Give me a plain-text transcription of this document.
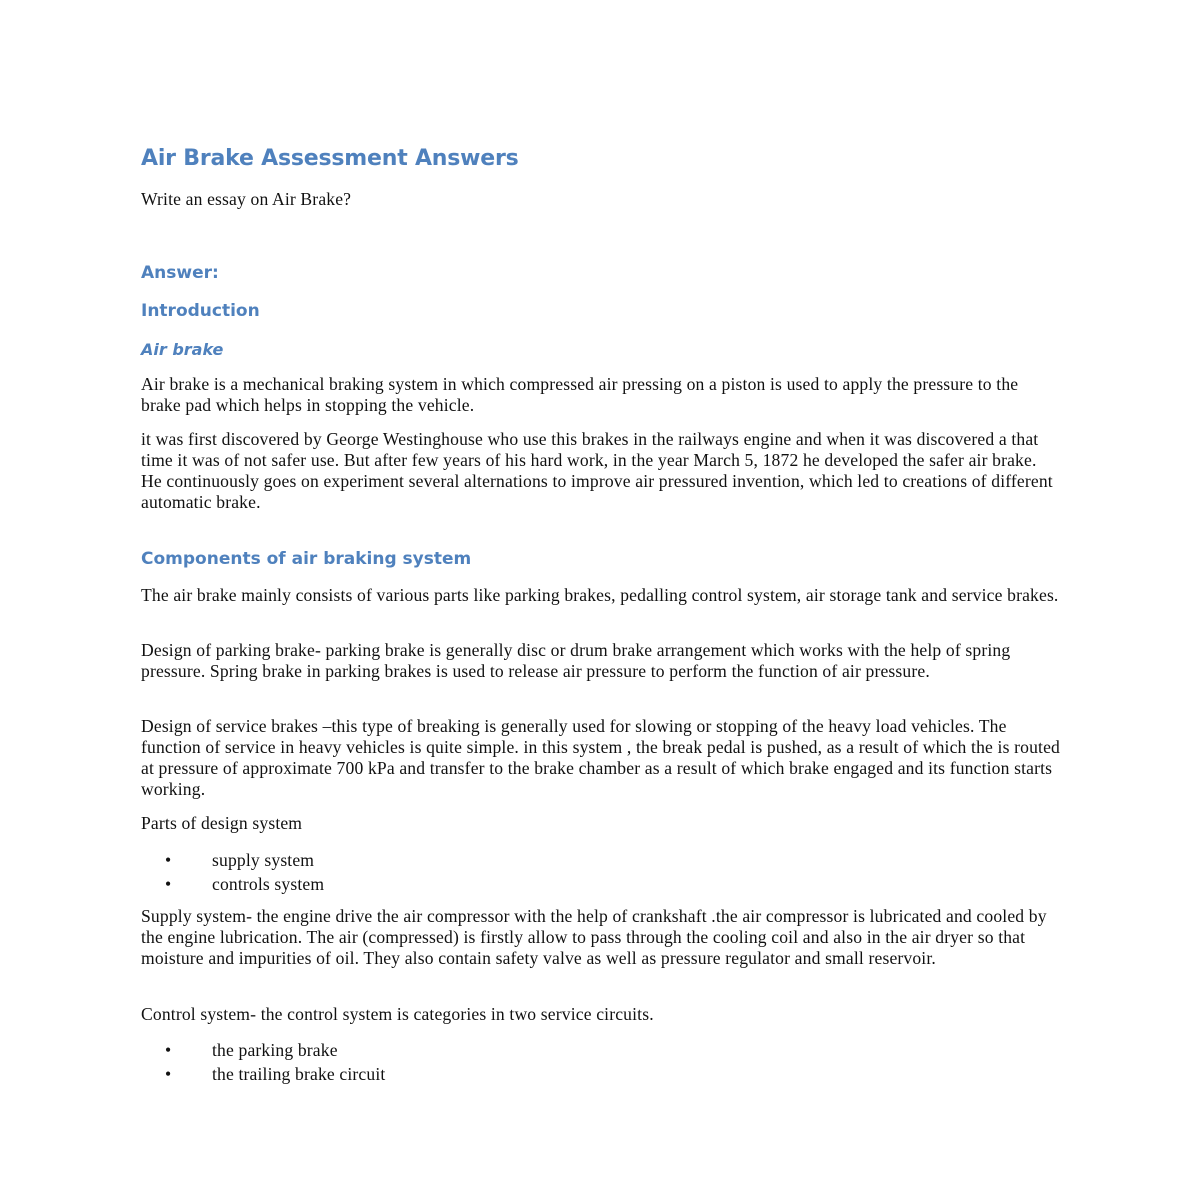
Air Brake Assessment Answers

Write an essay on Air Brake?

Answer:
Introduction
Air brake

Air brake is a mechanical braking system in which compressed air pressing on a piston is used to apply the pressure to the brake pad which helps in stopping the vehicle.

it was first discovered by George Westinghouse who use this brakes in the railways engine and when it was discovered a that time it was of not safer use. But after few years of his hard work, in the year March 5, 1872 he developed the safer air brake. He continuously goes on experiment several alternations to improve air pressured invention, which led to creations of different automatic brake.

Components of air braking system

The air brake mainly consists of various parts like parking brakes, pedalling control system, air storage tank and service brakes.

Design of parking brake- parking brake is generally disc or drum brake arrangement which works with the help of spring pressure. Spring brake in parking brakes is used to release air pressure to perform the function of air pressure.

Design of service brakes –this type of breaking is generally used for slowing or stopping of the heavy load vehicles. The function of service in heavy vehicles is quite simple. in this system , the break pedal is pushed, as a result of which the is routed at pressure of approximate 700 kPa and transfer to the brake chamber as a result of which brake engaged and its function starts working.

Parts of design system

• supply system
• controls system

Supply system- the engine drive the air compressor with the help of crankshaft .the air compressor is lubricated and cooled by the engine lubrication. The air (compressed) is firstly allow to pass through the cooling coil and also in the air dryer so that moisture and impurities of oil. They also contain safety valve as well as pressure regulator and small reservoir.

Control system- the control system is categories in two service circuits.

• the parking brake
• the trailing brake circuit
